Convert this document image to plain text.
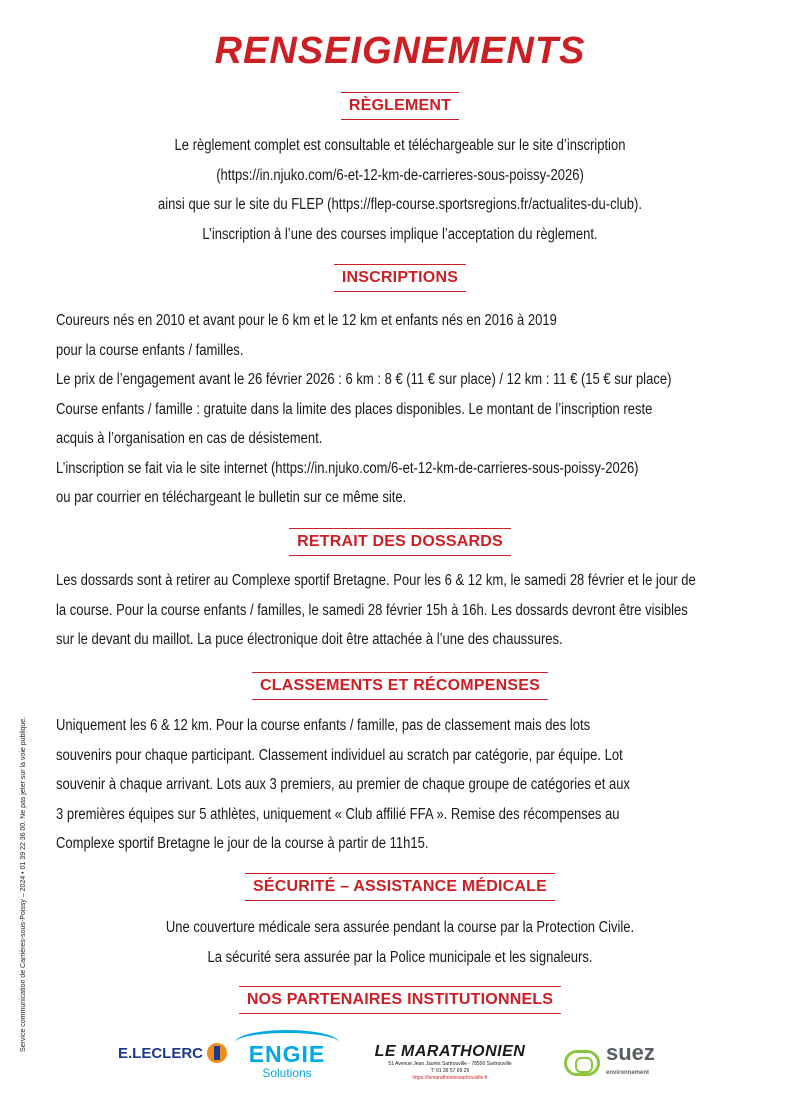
RENSEIGNEMENTS
RÈGLEMENT
Le règlement complet est consultable et téléchargeable sur le site d’inscription
(https://in.njuko.com/6-et-12-km-de-carrieres-sous-poissy-2026)
ainsi que sur le site du FLEP (https://flep-course.sportsregions.fr/actualites-du-club).
L’inscription à l’une des courses implique l’acceptation du règlement.
INSCRIPTIONS
Coureurs nés en 2010 et avant pour le 6 km et le 12 km et enfants nés en 2016 à 2019
pour la course enfants / familles.
Le prix de l’engagement avant le 26 février 2026 : 6 km : 8 € (11 € sur place) / 12 km : 11 € (15 € sur place)
Course enfants / famille : gratuite dans la limite des places disponibles. Le montant de l’inscription reste
acquis à l’organisation en cas de désistement.
L’inscription se fait via le site internet (https://in.njuko.com/6-et-12-km-de-carrieres-sous-poissy-2026)
ou par courrier en téléchargeant le bulletin sur ce même site.
RETRAIT DES DOSSARDS
Les dossards sont à retirer au Complexe sportif Bretagne. Pour les 6 & 12 km, le samedi 28 février et le jour de
la course. Pour la course enfants / familles, le samedi 28 février 15h à 16h. Les dossards devront être visibles
sur le devant du maillot. La puce électronique doit être attachée à l’une des chaussures.
CLASSEMENTS ET RÉCOMPENSES
Uniquement les 6 & 12 km. Pour la course enfants / famille, pas de classement mais des lots
souvenirs pour chaque participant. Classement individuel au scratch par catégorie, par équipe. Lot
souvenir à chaque arrivant. Lots aux 3 premiers, au premier de chaque groupe de catégories et aux
3 premières équipes sur 5 athlètes, uniquement « Club affilié FFA ». Remise des récompenses au
Complexe sportif Bretagne le jour de la course à partir de 11h15.
SÉCURITÉ – ASSISTANCE MÉDICALE
Une couverture médicale sera assurée pendant la course par la Protection Civile.
La sécurité sera assurée par la Police municipale et les signaleurs.
NOS PARTENAIRES INSTITUTIONNELS
E.LECLERC	ENGIE
Solutions
LE MARATHONIEN
51 Avenue Jean Jaurès Sartrouville - 78500 Sartrouville
T: 01 39 57 69 29
https://lemarathoniensartrouville.fr
suez
environnement
Service communication de Carrières-sous-Poissy – 2024 • 01 39 22 36 00. Ne pas jeter sur la voie publique.
